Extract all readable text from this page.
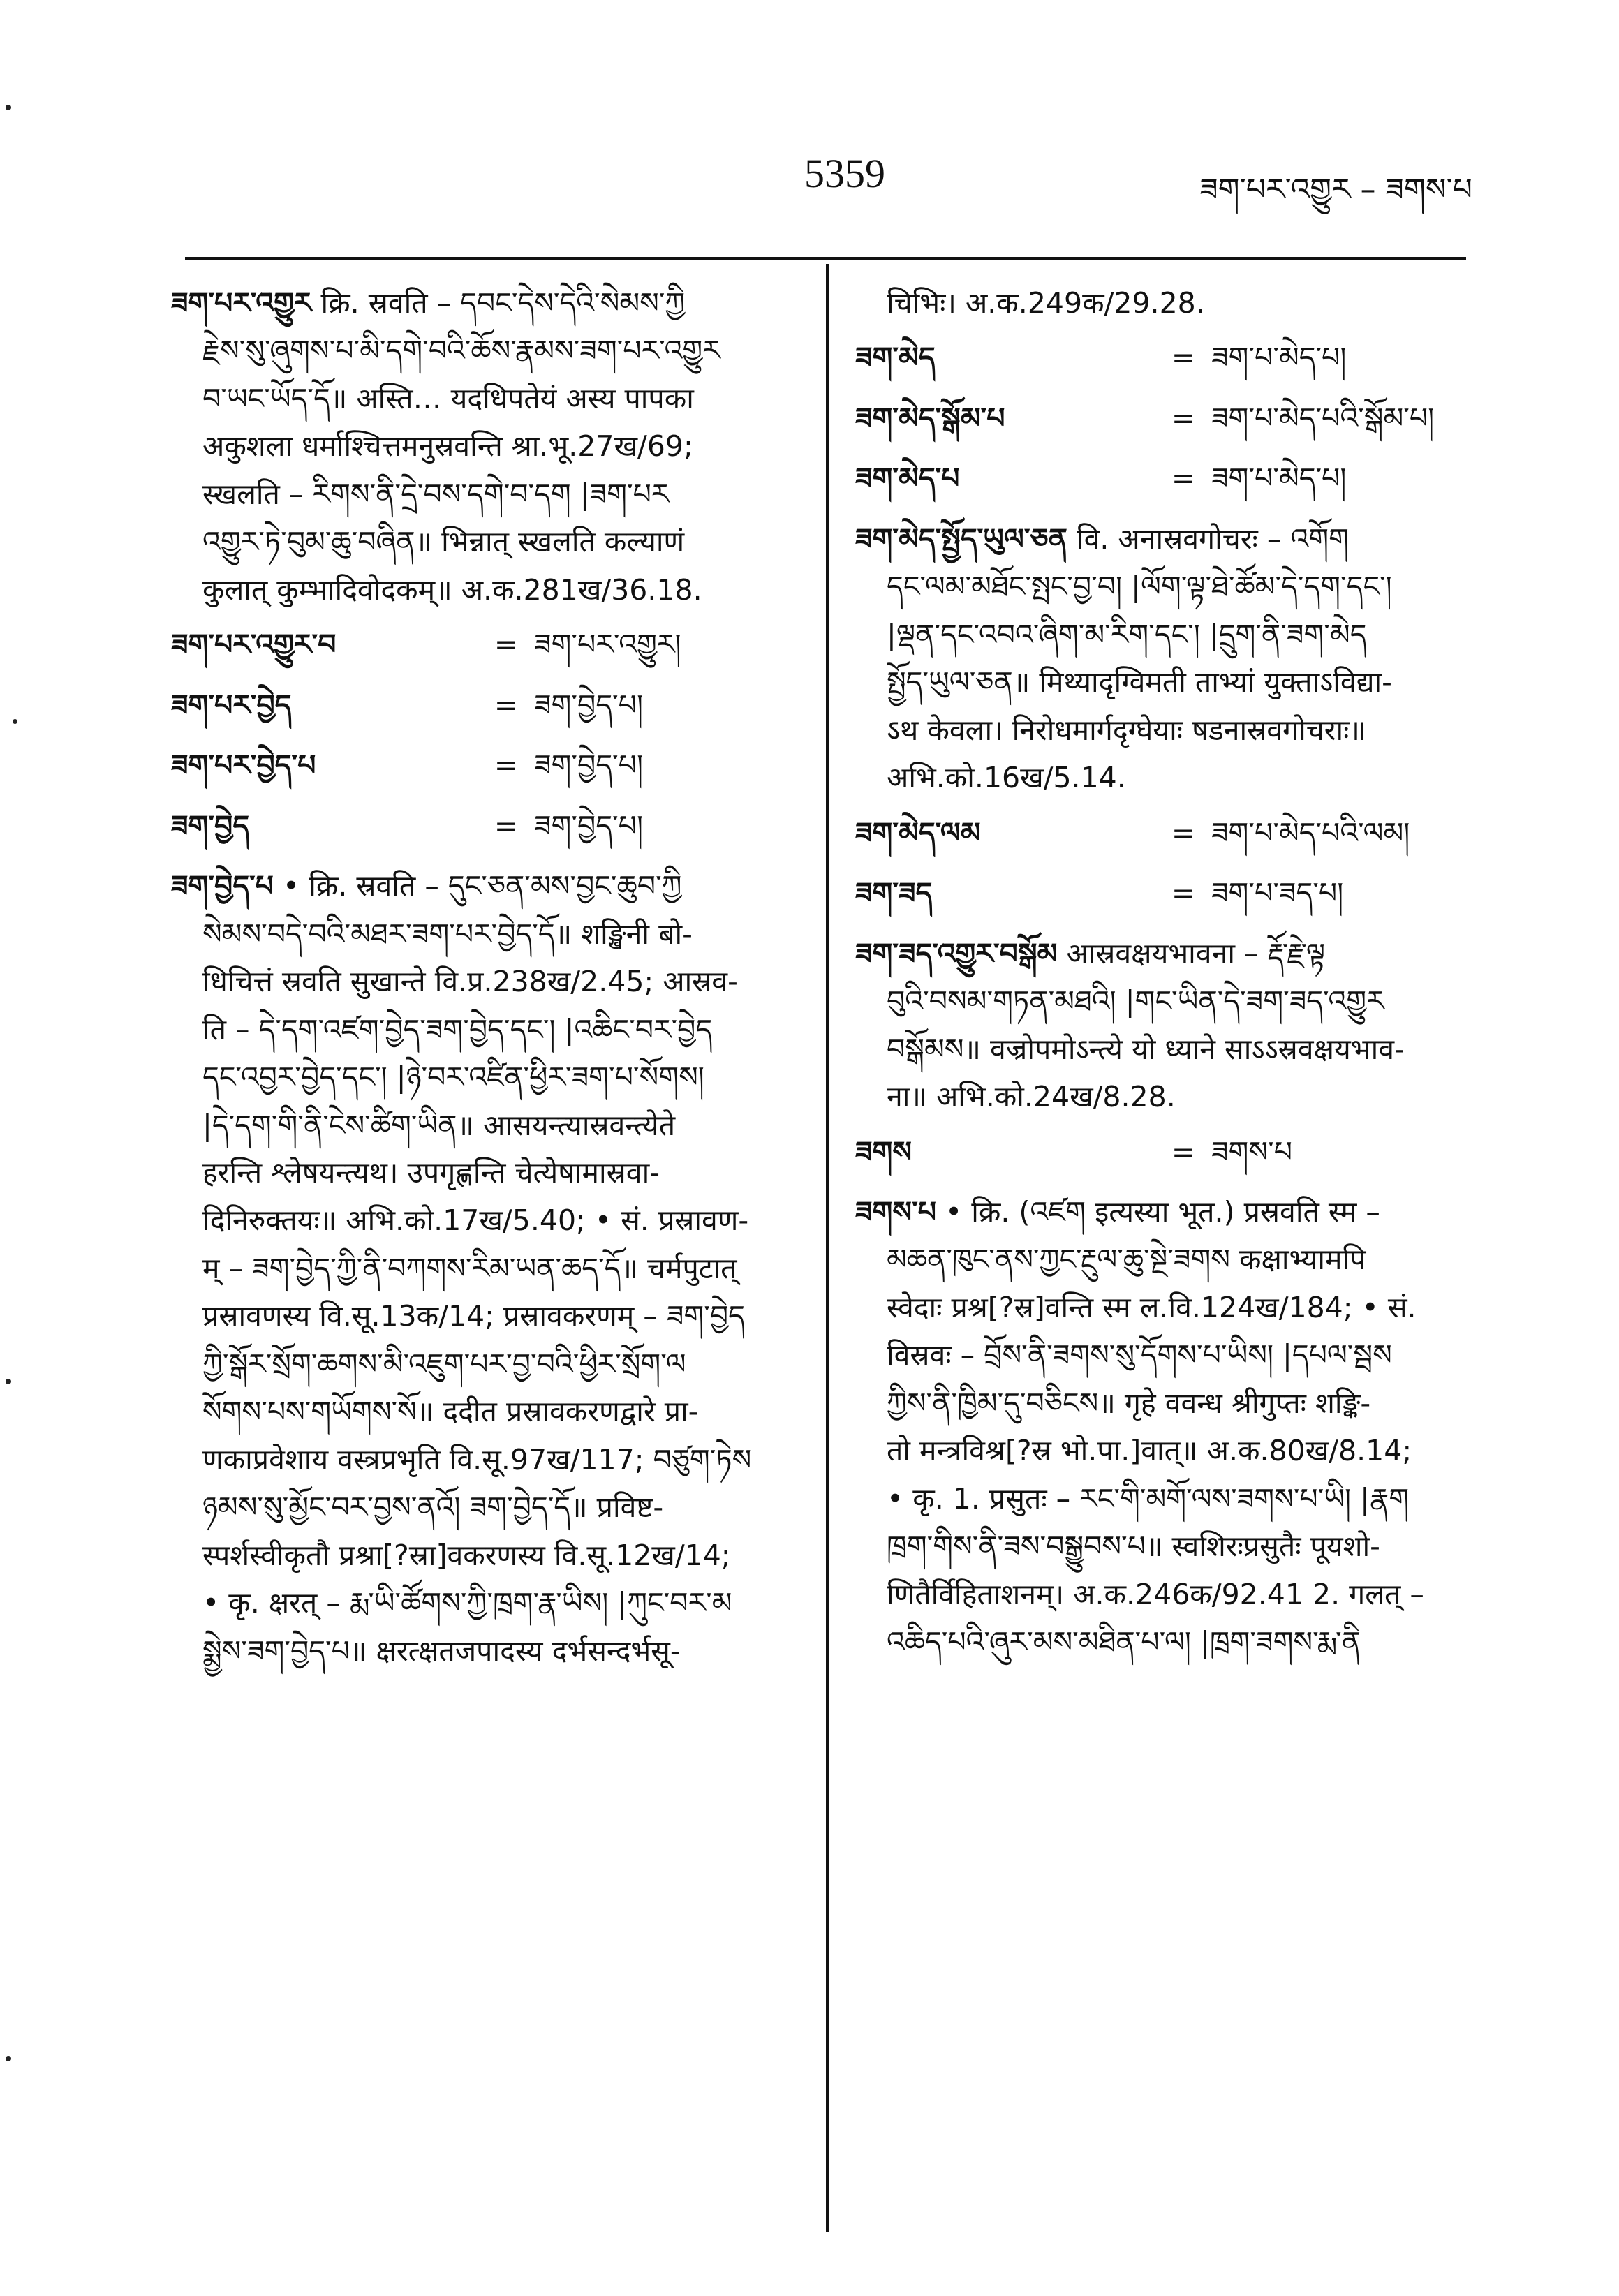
5359	ཟག་པར་འགྱུར – ཟགས་པ

ཟག་པར་འགྱུར क्रि. स्रवति – དབང་དེས་དེའི་སེམས་ཀྱི

རྗེས་སུ་ཞུགས་པ་མི་དགེ་བའི་ཆོས་རྣམས་ཟག་པར་འགྱུར

བ་ཡང་ཡོད་དོ॥ अस्ति… यदधिपतेयं अस्य पापका

अकुशला धर्माश्चित्तमनुस्रवन्ति श्रा.भू.27ख/69;

स्खलति – རིགས་ནི་དྲེ་བས་དགེ་བ་དག |ཟག་པར

འགྱུར་ཏེ་བུམ་ཆུ་བཞིན॥ भिन्नात् स्खलति कल्याणं

कुलात् कुम्भादिवोदकम्॥ अ.क.281ख/36.18.

ཟག་པར་འགྱུར་བ	= ཟག་པར་འགྱུར།
ཟག་པར་བྱེད	= ཟག་བྱེད་པ།
ཟག་པར་བྱེད་པ	= ཟག་བྱེད་པ།
ཟག་བྱེད	= ཟག་བྱེད་པ།

ཟག་བྱེད་པ • क्रि. स्रवति – དུང་ཅན་མས་བྱང་ཆུབ་ཀྱི

སེམས་བདེ་བའི་མཐར་ཟག་པར་བྱེད་དོ॥ शङ्खिनी बो-

धिचित्तं स्रवति सुखान्ते वि.प्र.238ख/2.45; आस्रव-

ति – དེ་དག་འཛག་བྱེད་ཟག་བྱེད་དང་། |འཆིང་བར་བྱེད

དང་འབྱར་བྱེད་དང་། |ཉེ་བར་འཛིན་ཕྱིར་ཟག་པ་སོགས།

|དེ་དག་གི་ནི་ངེས་ཚིག་ཡིན॥ आसयन्त्यास्रवन्त्येते

हरन्ति श्लेषयन्त्यथ। उपगृह्णन्ति चेत्येषामास्रवा-

दिनिरुक्तयः॥ अभि.को.17ख/5.40; • सं. प्रस्रावण-

म् – ཟག་བྱེད་ཀྱི་ནི་བཀགས་རིམ་ཡན་ཆད་དོ॥ चर्मपुटात्

प्रस्रावणस्य वि.सू.13क/14; प्रस्रावकरणम् – ཟག་བྱེད

ཀྱི་སྒོར་སྲོག་ཆགས་མི་འཇུག་པར་བྱ་བའི་ཕྱིར་སྲོག་ལ

སོགས་པས་གཡོགས་སོ॥ ददीत प्रस्रावकरणद्वारे प्रा-

णकाप्रवेशाय वस्त्रप्रभृति वि.सू.97ख/117; བཙུག་ཏེས

ཉམས་སུ་མྱོང་བར་བྱས་ནའོ། ཟག་བྱེད་དོ॥ प्रविष्ट-

स्पर्शस्वीकृतौ प्रश्रा[?स्रा]वकरणस्य वि.सू.12ख/14;

• कृ. क्षरत् – རྨ་ཡི་ཚོགས་ཀྱི་ཁྲག་རྣ་ཡིས། |ཀུང་བར་མ

སྨྱེས་ཟག་བྱེད་པ॥ क्षरत्क्षतजपादस्य दर्भसन्दर्भसू-

चिभिः। अ.क.249क/29.28.

ཟག་མེད	= ཟག་པ་མེད་པ།
ཟག་མེད་སྒོམ་པ	= ཟག་པ་མེད་པའི་སྒོམ་པ།
ཟག་མེད་པ	= ཟག་པ་མེད་པ།

ཟག་མེད་སྤྱོད་ཡུལ་ཅན वि. अनास्रवगोचरः – འགོག

དང་ལམ་མཐོང་སྤང་བྱ་བ། |ལོག་ལྟ་ཐེ་ཚོམ་དེ་དག་དང་།

|ལྡན་དང་འབའ་ཞིག་མ་རིག་དང་། |དྲུག་ནི་ཟག་མེད

སྤྱོད་ཡུལ་ཅན॥ मिथ्यादृग्विमती ताभ्यां युक्ताऽविद्या-

ऽथ केवला। निरोधमार्गदृग्घेयाः षडनास्रवगोचराः॥

अभि.को.16ख/5.14.

ཟག་མེད་ལམ	= ཟག་པ་མེད་པའི་ལམ།
ཟག་ཟད	= ཟག་པ་ཟད་པ།

ཟག་ཟད་འགྱུར་བསྒོམ आस्रवक्षयभावना – རྡོ་རྗེ་ལྟ

བུའི་བསམ་གཏན་མཐའི། |གང་ཡིན་དེ་ཟག་ཟད་འགྱུར

བསྒོམས॥ वज्रोपमोऽन्त्ये यो ध्याने साऽऽस्रवक्षयभाव-

ना॥ अभि.को.24ख/8.28.

ཟགས	= ཟགས་པ

ཟགས་པ • क्रि. (འཛག इत्यस्या भूत.) प्रस्रवति स्म –

མཆན་ཁུང་ནས་ཀྱང་རྔུལ་ཆུ་སྔེ་ཟགས कक्षाभ्यामपि

स्वेदाः प्रश्र[?स्र]वन्ति स्म ल.वि.124ख/184; • सं.

विस्रवः – བྲོས་ནི་ཟགས་སུ་དོགས་པ་ཡིས། |དཔལ་སྦས

ཀྱིས་ནི་ཁྱིམ་དུ་བཅིངས॥ गृहे ववन्ध श्रीगुप्तः शङ्कि-

तो मन्त्रविश्र[?स्र भो.पा.]वात्॥ अ.क.80ख/8.14;

• कृ. 1. प्रसुतः – རང་གི་མགོ་ལས་ཟགས་པ་ཡི། |རྣག

ཁྲག་གིས་ནི་ཟས་བསྒྱུབས་པ॥ स्वशिरःप्रसुतैः पूयशो-

णितैर्विहिताशनम्। अ.क.246क/92.41 2. गलत् –

འཆིད་པའི་ཞུར་མས་མཐིན་པ་ལ། |ཁྲག་ཟགས་རྨ་ནི
